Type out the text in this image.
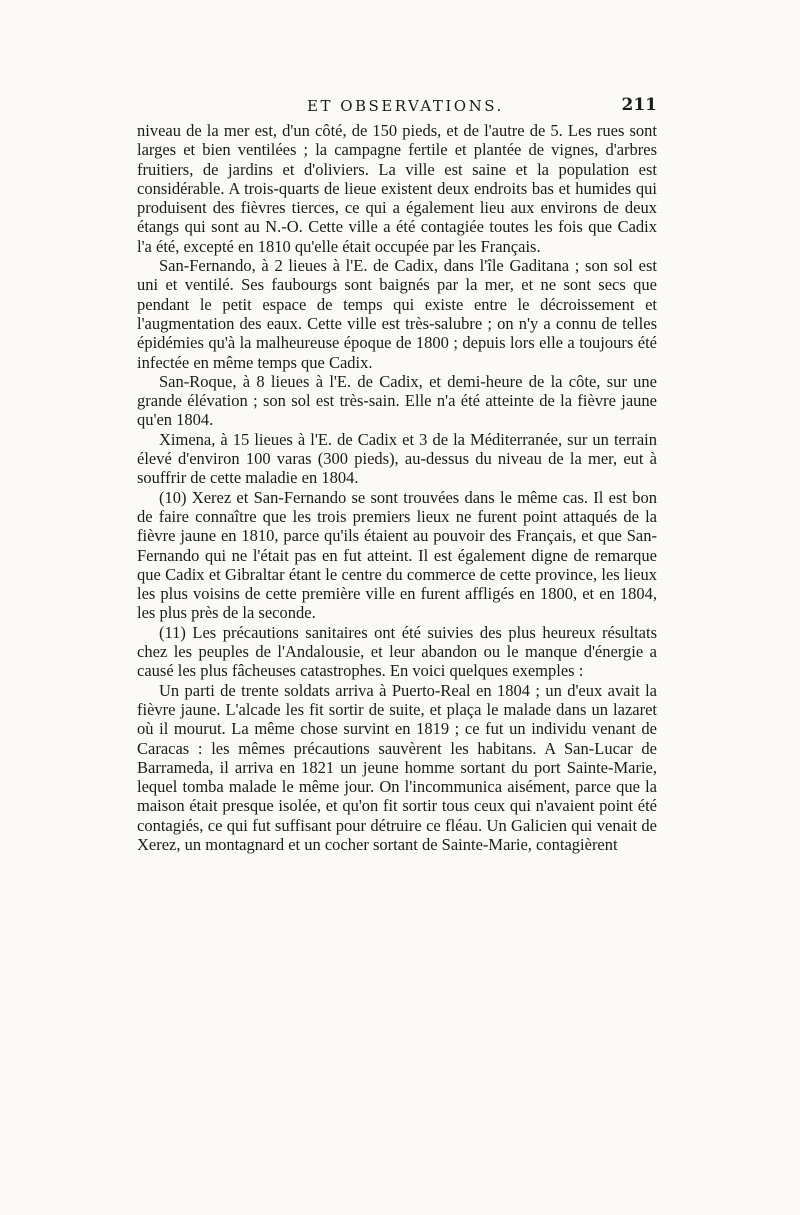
ET OBSERVATIONS.	211

niveau de la mer est, d'un côté, de 150 pieds, et de l'autre de 5. Les rues sont larges et bien ventilées ; la campagne fertile et plantée de vignes, d'arbres fruitiers, de jardins et d'oliviers. La ville est saine et la population est considérable. A trois-quarts de lieue existent deux endroits bas et humides qui produisent des fièvres tierces, ce qui a également lieu aux environs de deux étangs qui sont au N.-O. Cette ville a été contagiée toutes les fois que Cadix l'a été, excepté en 1810 qu'elle était occupée par les Français.

San-Fernando, à 2 lieues à l'E. de Cadix, dans l'île Gaditana ; son sol est uni et ventilé. Ses faubourgs sont baignés par la mer, et ne sont secs que pendant le petit espace de temps qui existe entre le décroissement et l'augmentation des eaux. Cette ville est très-salubre ; on n'y a connu de telles épidémies qu'à la malheureuse époque de 1800 ; depuis lors elle a toujours été infectée en même temps que Cadix.

San-Roque, à 8 lieues à l'E. de Cadix, et demi-heure de la côte, sur une grande élévation ; son sol est très-sain. Elle n'a été atteinte de la fièvre jaune qu'en 1804.

Ximena, à 15 lieues à l'E. de Cadix et 3 de la Méditerranée, sur un terrain élevé d'environ 100 varas (300 pieds), au-dessus du niveau de la mer, eut à souffrir de cette maladie en 1804.

(10) Xerez et San-Fernando se sont trouvées dans le même cas. Il est bon de faire connaître que les trois premiers lieux ne furent point attaqués de la fièvre jaune en 1810, parce qu'ils étaient au pouvoir des Français, et que San-Fernando qui ne l'était pas en fut atteint. Il est également digne de remarque que Cadix et Gibraltar étant le centre du commerce de cette province, les lieux les plus voisins de cette première ville en furent affligés en 1800, et en 1804, les plus près de la seconde.

(11) Les précautions sanitaires ont été suivies des plus heureux résultats chez les peuples de l'Andalousie, et leur abandon ou le manque d'énergie a causé les plus fâcheuses catastrophes. En voici quelques exemples :

Un parti de trente soldats arriva à Puerto-Real en 1804 ; un d'eux avait la fièvre jaune. L'alcade les fit sortir de suite, et plaça le malade dans un lazaret où il mourut. La même chose survint en 1819 ; ce fut un individu venant de Caracas : les mêmes précautions sauvèrent les habitans. A San-Lucar de Barrameda, il arriva en 1821 un jeune homme sortant du port Sainte-Marie, lequel tomba malade le même jour. On l'incommunica aisément, parce que la maison était presque isolée, et qu'on fit sortir tous ceux qui n'avaient point été contagiés, ce qui fut suffisant pour détruire ce fléau. Un Galicien qui venait de Xerez, un montagnard et un cocher sortant de Sainte-Marie, contagièrent
